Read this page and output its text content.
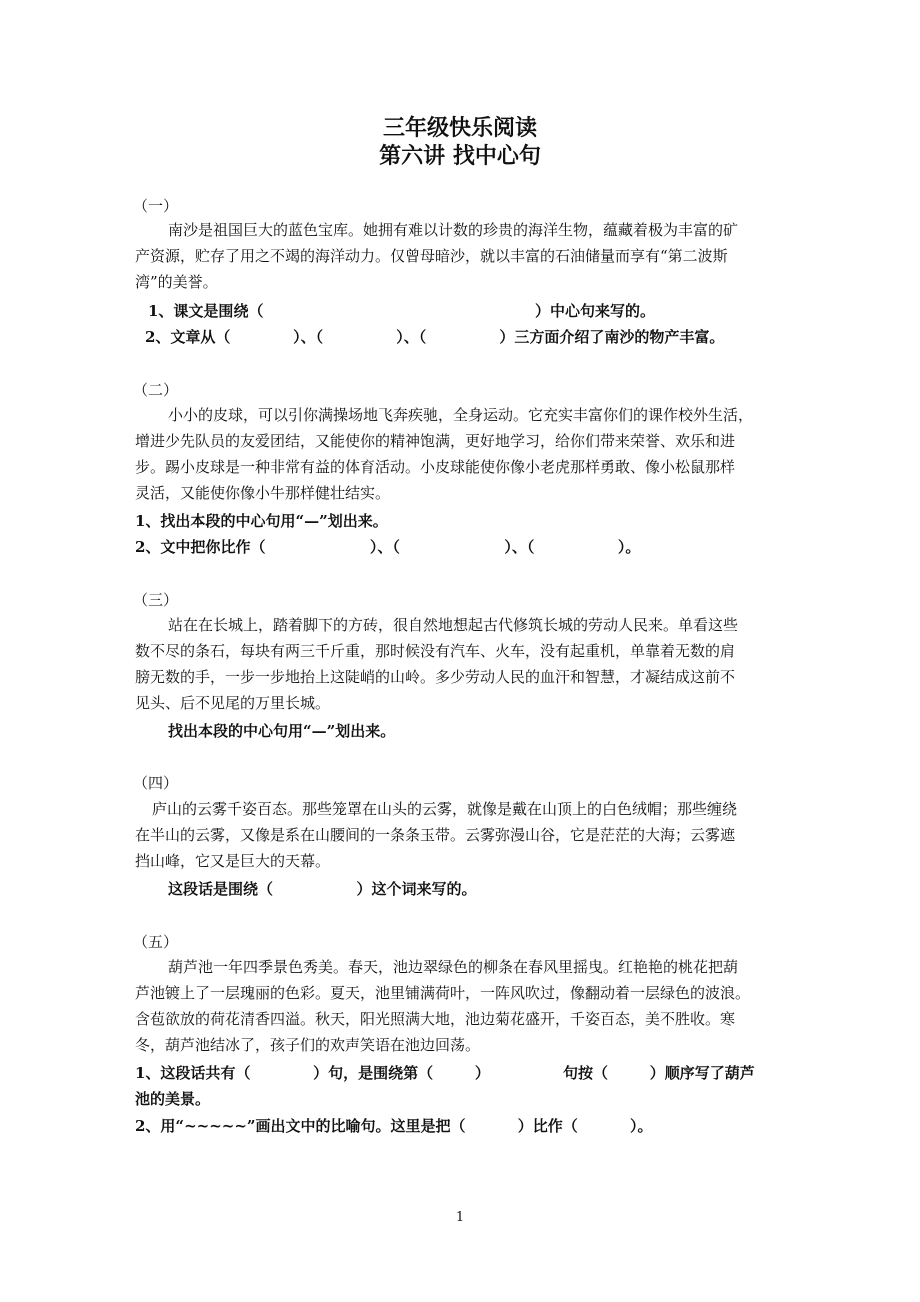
三年级快乐阅读
第六讲 找中心句
（一）
南沙是祖国巨大的蓝色宝库。她拥有难以计数的珍贵的海洋生物，蕴藏着极为丰富的矿
产资源，贮存了用之不竭的海洋动力。仅曾母暗沙，就以丰富的石油储量而享有“第二波斯
湾”的美誉。
1、课文是围绕（                                                    ）中心句来写的。
2、文章从（            ）、（              ）、（              ）三方面介绍了南沙的物产丰富。
（二）
小小的皮球，可以引你满操场地飞奔疾驰，全身运动。它充实丰富你们的课作校外生活，
增进少先队员的友爱团结，又能使你的精神饱满，更好地学习，给你们带来荣誉、欢乐和进
步。踢小皮球是一种非常有益的体育活动。小皮球能使你像小老虎那样勇敢、像小松鼠那样
灵活，又能使你像小牛那样健壮结实。
1、找出本段的中心句用“—”划出来。
2、文中把你比作（                    ）、（                    ）、（                ）。
（三）
站在在长城上，踏着脚下的方砖，很自然地想起古代修筑长城的劳动人民来。单看这些
数不尽的条石，每块有两三千斤重，那时候没有汽车、火车，没有起重机，单靠着无数的肩
膀无数的手，一步一步地抬上这陡峭的山岭。多少劳动人民的血汗和智慧，才凝结成这前不
见头、后不见尾的万里长城。
找出本段的中心句用“—”划出来。
（四）
庐山的云雾千姿百态。那些笼罩在山头的云雾，就像是戴在山顶上的白色绒帽；那些缠绕
在半山的云雾，又像是系在山腰间的一条条玉带。云雾弥漫山谷，它是茫茫的大海；云雾遮
挡山峰，它又是巨大的天幕。
这段话是围绕（                ）这个词来写的。
（五）
葫芦池一年四季景色秀美。春天，池边翠绿色的柳条在春风里摇曳。红艳艳的桃花把葫
芦池镀上了一层瑰丽的色彩。夏天，池里铺满荷叶，一阵风吹过，像翻动着一层绿色的波浪。
含苞欲放的荷花清香四溢。秋天，阳光照满大地，池边菊花盛开，千姿百态，美不胜收。寒
冬，葫芦池结冰了，孩子们的欢声笑语在池边回荡。
1、这段话共有（            ）句，是围绕第（        ）              句按（        ）顺序写了葫芦
池的美景。
2、用“~~~~~”画出文中的比喻句。这里是把（          ）比作（          ）。
1
